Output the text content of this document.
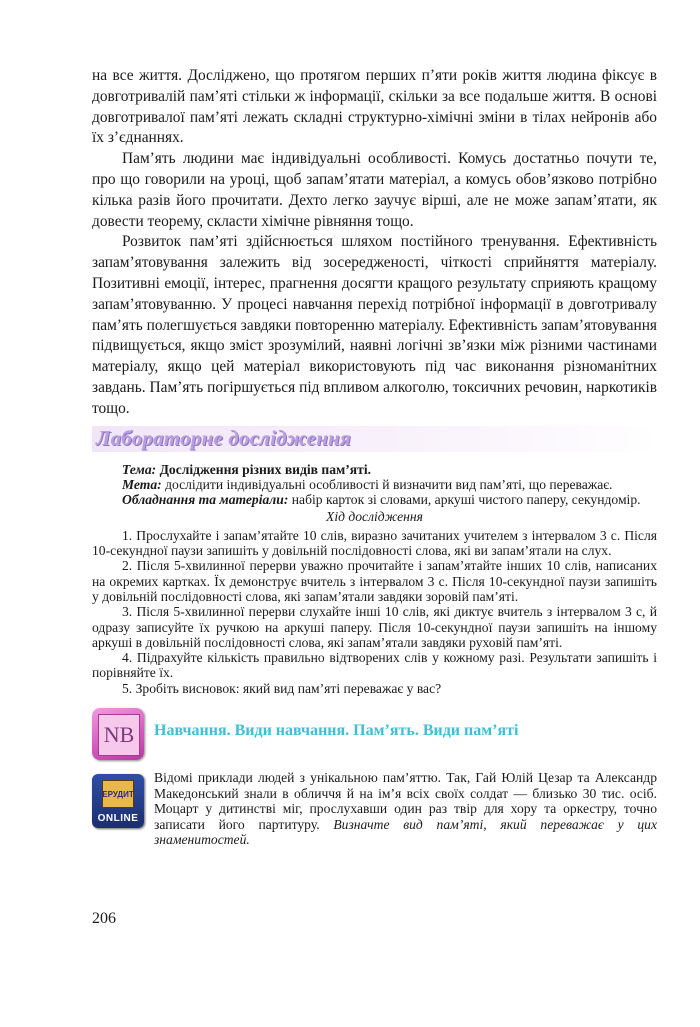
на все життя. Досліджено, що протягом перших п’яти років життя людина фіксує в довготривалій пам’яті стільки ж інформації, скільки за все подальше життя. В основі довготривалої пам’яті лежать складні структурно-хімічні зміни в тілах нейронів або їх з’єднаннях.

Пам’ять людини має індивідуальні особливості. Комусь достатньо почути те, про що говорили на уроці, щоб запам’ятати матеріал, а комусь обов’язково потрібно кілька разів його прочитати. Дехто легко заучує вірші, але не може запам’ятати, як довести теорему, скласти хімічне рівняння тощо.

Розвиток пам’яті здійснюється шляхом постійного тренування. Ефективність запам’ятовування залежить від зосередженості, чіткості сприйняття матеріалу. Позитивні емоції, інтерес, прагнення досягти кращого результату сприяють кращому запам’ятовуванню. У процесі навчання перехід потрібної інформації в довготривалу пам’ять полегшується завдяки повторенню матеріалу. Ефективність запам’ятовування підвищується, якщо зміст зрозумілий, наявні логічні зв’язки між різними частинами матеріалу, якщо цей матеріал використовують під час виконання різноманітних завдань. Пам’ять погіршується під впливом алкоголю, токсичних речовин, наркотиків тощо.

Лабораторне дослідження

Тема: Дослідження різних видів пам’яті.

Мета: дослідити індивідуальні особливості й визначити вид пам’яті, що переважає.

Обладнання та матеріали: набір карток зі словами, аркуші чистого паперу, секундомір.

Хід дослідження

1. Прослухайте і запам’ятайте 10 слів, виразно зачитаних учителем з інтервалом 3 с. Після 10-секундної паузи запишіть у довільній послідовності слова, які ви запам’ятали на слух.

2. Після 5-хвилинної перерви уважно прочитайте і запам’ятайте інших 10 слів, написаних на окремих картках. Їх демонструє вчитель з інтервалом 3 с. Після 10-секундної паузи запишіть у довільній послідовності слова, які запам’ятали завдяки зоровій пам’яті.

3. Після 5-хвилинної перерви слухайте інші 10 слів, які диктує вчитель з інтервалом 3 с, й одразу записуйте їх ручкою на аркуші паперу. Після 10-секундної паузи запишіть на іншому аркуші в довільній послідовності слова, які запам’ятали завдяки руховій пам’яті.

4. Підрахуйте кількість правильно відтворених слів у кожному разі. Результати запишіть і порівняйте їх.

5. Зробіть висновок: який вид пам’яті переважає у вас?

NB	Навчання. Види навчання. Пам’ять. Види пам’яті
ЕРУДИТ
ONLINE
Відомі приклади людей з унікальною пам’яттю. Так, Гай Юлій Цезар та Александр Македонський знали в обличчя й на ім’я всіх своїх солдат — близько 30 тис. осіб. Моцарт у дитинстві міг, прослухавши один раз твір для хору та оркестру, точно записати його партитуру. Визначте вид пам’яті, який переважає у цих знаменитостей.
206
